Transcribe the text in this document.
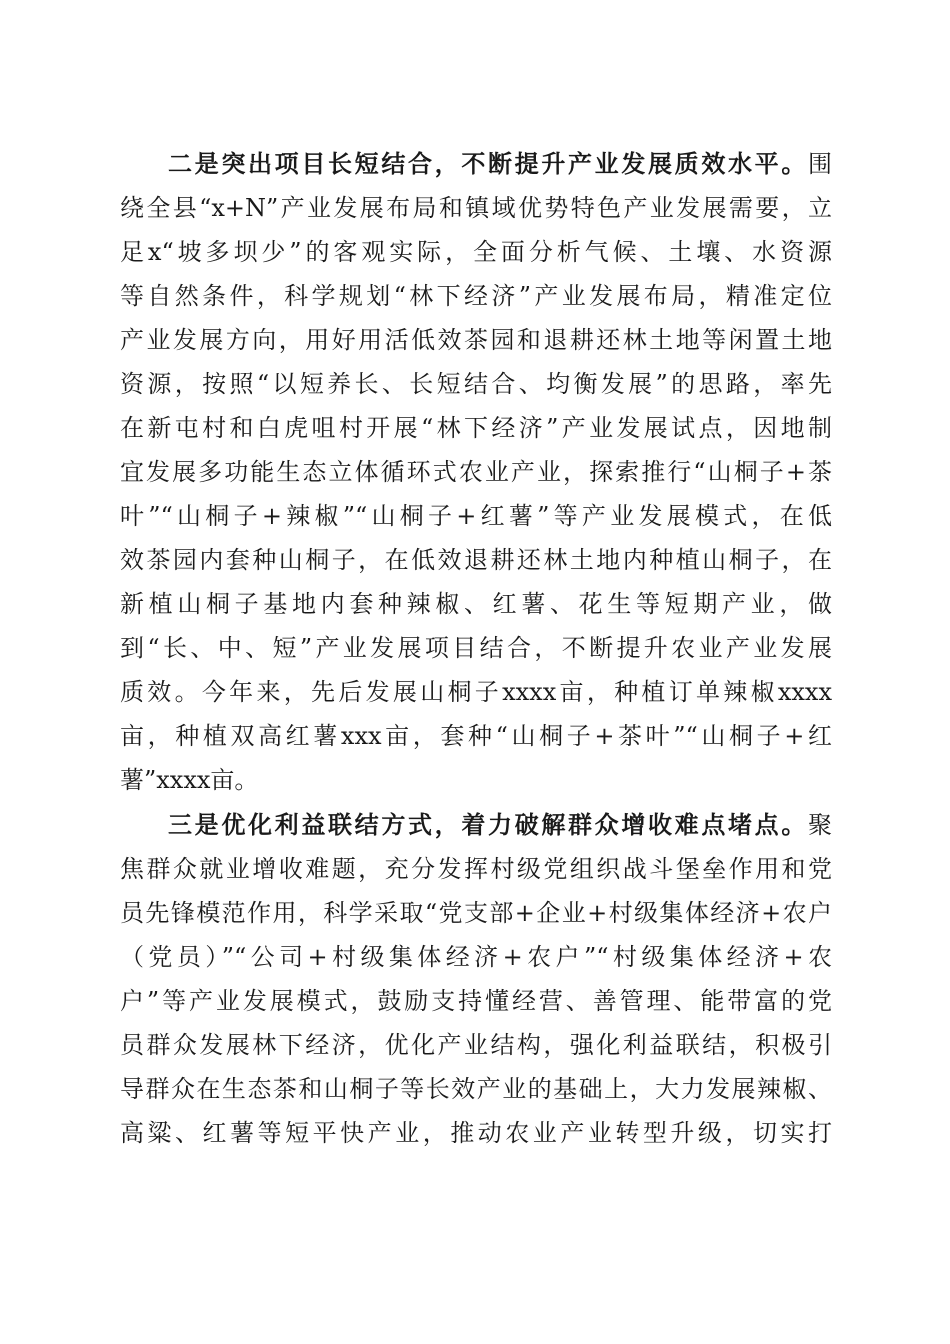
二是突出项目长短结合，不断提升产业发展质效水平。围
绕全县“x+N”产业发展布局和镇域优势特色产业发展需要，立
足x“坡多坝少”的客观实际，全面分析气候、土壤、水资源
等自然条件，科学规划“林下经济”产业发展布局，精准定位
产业发展方向，用好用活低效茶园和退耕还林土地等闲置土地
资源，按照“以短养长、长短结合、均衡发展”的思路，率先
在新屯村和白虎咀村开展“林下经济”产业发展试点，因地制
宜发展多功能生态立体循环式农业产业，探索推行“山桐子+茶
叶”“山桐子+辣椒”“山桐子+红薯”等产业发展模式，在低
效茶园内套种山桐子，在低效退耕还林土地内种植山桐子，在
新植山桐子基地内套种辣椒、红薯、花生等短期产业，做
到“长、中、短”产业发展项目结合，不断提升农业产业发展
质效。今年来，先后发展山桐子xxxx亩，种植订单辣椒xxxx
亩，种植双高红薯xxx亩，套种“山桐子+茶叶”“山桐子+红
薯”xxxx亩。
三是优化利益联结方式，着力破解群众增收难点堵点。聚
焦群众就业增收难题，充分发挥村级党组织战斗堡垒作用和党
员先锋模范作用，科学采取“党支部+企业+村级集体经济+农户
（党员）”“公司+村级集体经济+农户”“村级集体经济+农
户”等产业发展模式，鼓励支持懂经营、善管理、能带富的党
员群众发展林下经济，优化产业结构，强化利益联结，积极引
导群众在生态茶和山桐子等长效产业的基础上，大力发展辣椒、
高粱、红薯等短平快产业，推动农业产业转型升级，切实打
